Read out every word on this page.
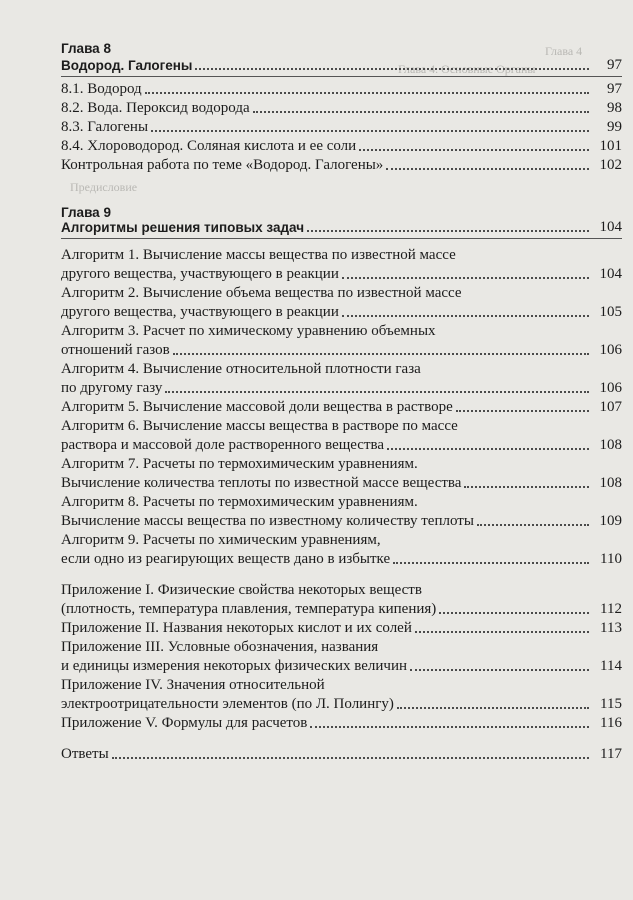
Глава 4
Глава 4. Основные Органы
Предисловие
Глава 8
Водород. Галогены	97
8.1. Водород	97
8.2. Вода. Пероксид водорода	98
8.3. Галогены	99
8.4. Хлороводород. Соляная кислота и ее соли	101
Контрольная работа по теме «Водород. Галогены»	102
Глава 9
Алгоритмы решения типовых задач	104
Алгоритм 1. Вычисление массы вещества по известной массе
другого вещества, участвующего в реакции	104
Алгоритм 2. Вычисление объема вещества по известной массе
другого вещества, участвующего в реакции	105
Алгоритм 3. Расчет по химическому уравнению объемных
отношений газов	106
Алгоритм 4. Вычисление относительной плотности газа
по другому газу	106
Алгоритм 5. Вычисление массовой доли вещества в растворе	107
Алгоритм 6. Вычисление массы вещества в растворе по массе
раствора и массовой доле растворенного вещества	108
Алгоритм 7. Расчеты по термохимическим уравнениям.
Вычисление количества теплоты по известной массе вещества	108
Алгоритм 8. Расчеты по термохимическим уравнениям.
Вычисление массы вещества по известному количеству теплоты	109
Алгоритм 9. Расчеты по химическим уравнениям,
если одно из реагирующих веществ дано в избытке	110
Приложение I. Физические свойства некоторых веществ
(плотность, температура плавления, температура кипения)	112
Приложение II. Названия некоторых кислот и их солей	113
Приложение III. Условные обозначения, названия
и единицы измерения некоторых физических величин	114
Приложение IV. Значения относительной
электроотрицательности элементов (по Л. Полингу)	115
Приложение V. Формулы для расчетов	116
Ответы	117
